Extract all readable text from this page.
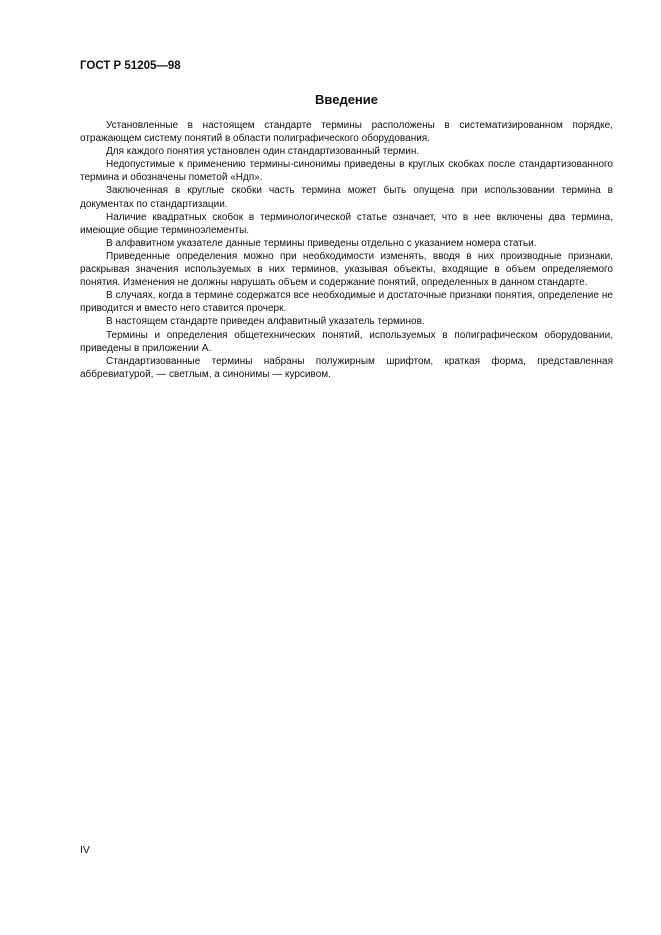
ГОСТ Р 51205—98

Введение

Установленные в настоящем стандарте термины расположены в систематизированном порядке, отражающем систему понятий в области полиграфического оборудования.

Для каждого понятия установлен один стандартизованный термин.

Недопустимые к применению термины-синонимы приведены в круглых скобках после стандартизованного термина и обозначены пометой «Ндп».

Заключенная в круглые скобки часть термина может быть опущена при использовании термина в документах по стандартизации.

Наличие квадратных скобок в терминологической статье означает, что в нее включены два термина, имеющие общие терминоэлементы.

В алфавитном указателе данные термины приведены отдельно с указанием номера статьи.

Приведенные определения можно при необходимости изменять, вводя в них производные признаки, раскрывая значения используемых в них терминов, указывая объекты, входящие в объем определяемого понятия. Изменения не должны нарушать объем и содержание понятий, определенных в данном стандарте.

В случаях, когда в термине содержатся все необходимые и достаточные признаки понятия, определение не приводится и вместо него ставится прочерк.

В настоящем стандарте приведен алфавитный указатель терминов.

Термины и определения общетехнических понятий, используемых в полиграфическом оборудовании, приведены в приложении А.

Стандартизованные термины набраны полужирным шрифтом, краткая форма, представленная аббревиатурой, — светлым, а синонимы — курсивом.

IV
